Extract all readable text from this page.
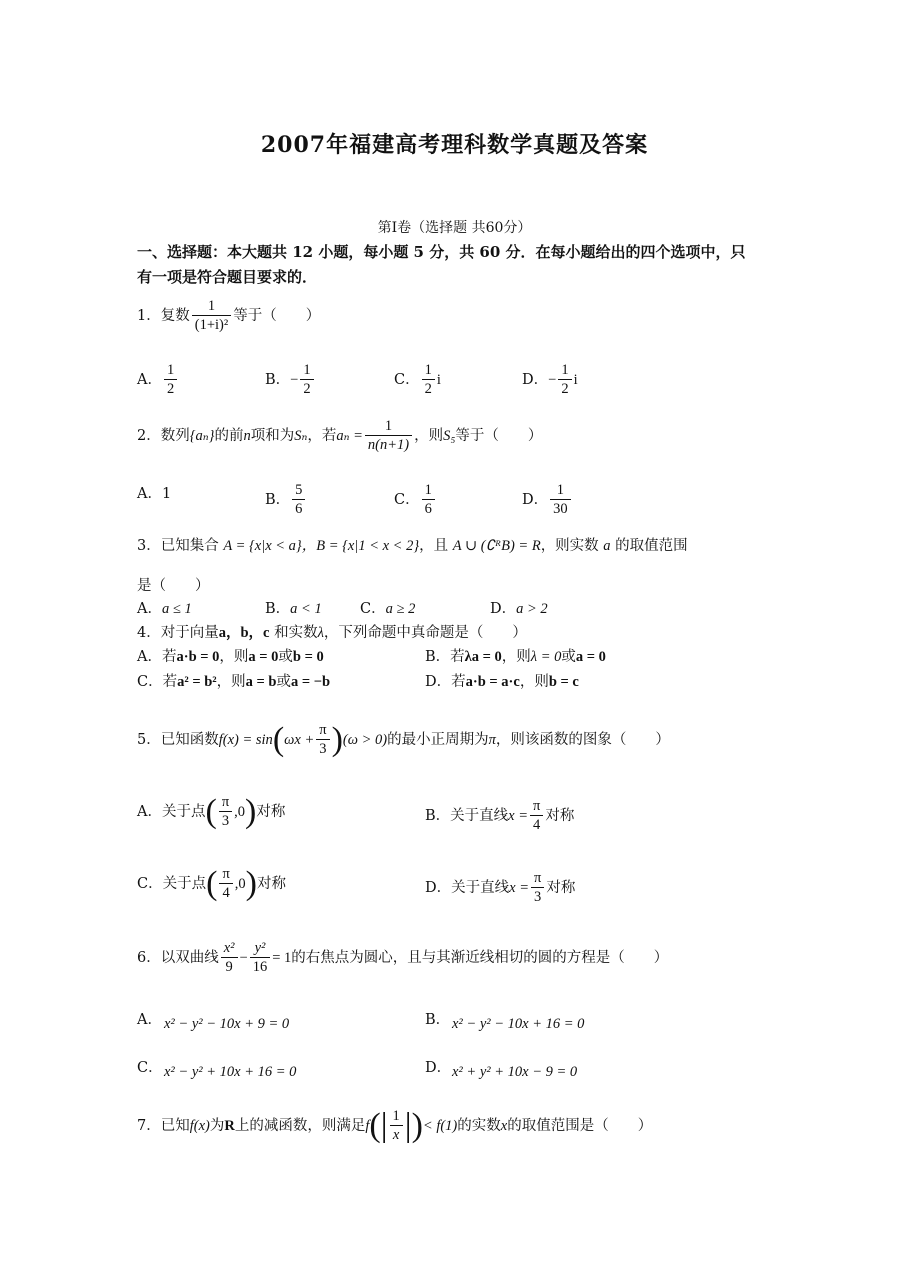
2007年福建高考理科数学真题及答案
第Ⅰ卷（选择题 共60分）
一、选择题：本大题共 12 小题，每小题 5 分，共 60 分．在每小题给出的四个选项中，只
有一项是符合题目要求的．
1．复数 $\frac{1}{\text{(1+i)²}}$ 等于（　　）
A． $\frac{1}{2}$	B．− $\frac{1}{2}$	C． $\frac{1}{2}$ i	D．− $\frac{1}{2}$ i
2．数列{aₙ}的前n项和为Sₙ，若$a_n = \frac{1}{n(n+1)}$ ，则S₅等于（　　）
A．1	B． $\frac{5}{6}$	C． $\frac{1}{6}$	D． $\frac{1}{30}$
3．已知集合 A = {x|x < a}，B = {x|1 < x < 2}，且 A ∪ (∁ᴿB) = R，则实数 a 的取值范围
是（　　）
A．a ≤ 1	B．a < 1	C．a ≥ 2	D．a > 2
4．对于向量a，b，c 和实数λ，下列命题中真命题是（　　）
A．若a·b = 0，则a = 0或b = 0	B．若λa = 0，则λ = 0或a = 0
C．若a² = b²，则a = b或a = −b	D．若a·b = a·c，则b = c
5．已知函数$f(x) = \sin(\omega x + \frac{\pi}{3} )(\omega > 0)$的最小正周期为π，则该函数的图象（　　）
A．关于点( $\frac{\pi}{3} ,0$)对称	B．关于直线$x = \frac{\pi}{4}$ 对称
C．关于点( $\frac{\pi}{4} ,0$)对称	D．关于直线$x = \frac{\pi}{3}$ 对称
6．以双曲线 $\frac{\text{x²}}{9} - \frac{\text{y²}}{16} = 1$的右焦点为圆心，且与其渐近线相切的圆的方程是（　　）
A． x² − y² − 10x + 9 = 0	B． x² − y² − 10x + 16 = 0
C． x² − y² + 10x + 16 = 0	D． x² + y² + 10x − 9 = 0
7．已知f(x)为R上的减函数，则满足$f(| \frac{1}{x}$ |)< f(1)的实数x的取值范围是（　　）
